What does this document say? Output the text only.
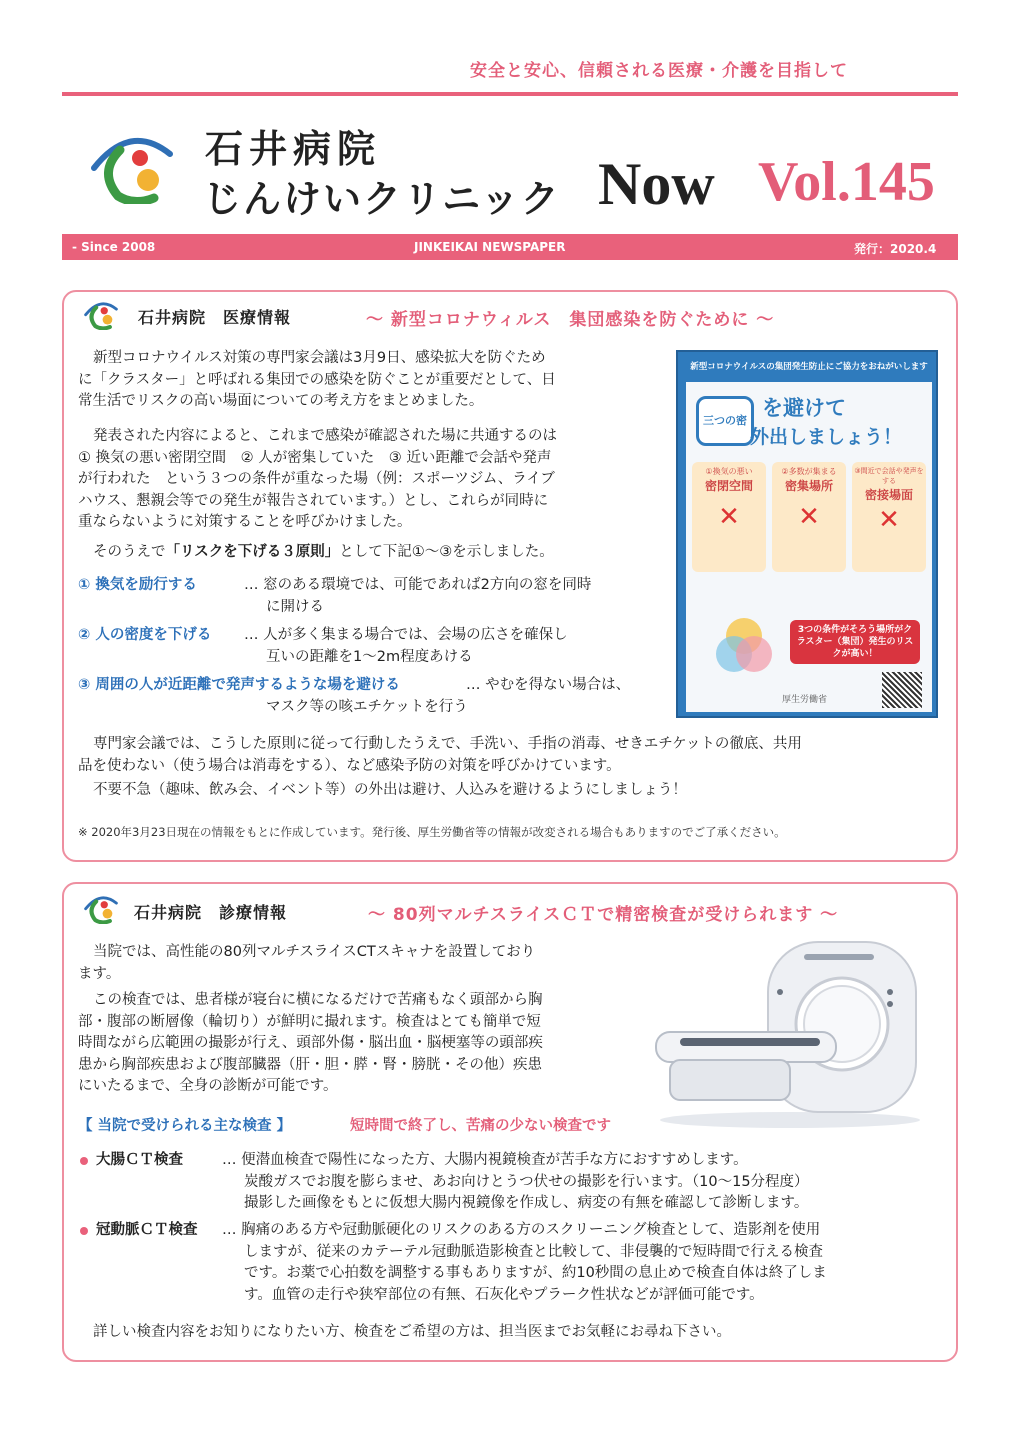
安全と安心、信頼される医療・介護を目指して
石井病院
じんけいクリニック Now Vol.145
- Since 2008	JINKEIKAI NEWSPAPER	発行：2020.4
石井病院　医療情報	～ 新型コロナウィルス　集団感染を防ぐために ～
新型コロナウイルス対策の専門家会議は3月9日、感染拡大を防ぐため
に「クラスター」と呼ばれる集団での感染を防ぐことが重要だとして、日
常生活でリスクの高い場面についての考え方をまとめました。
発表された内容によると、これまで感染が確認された場に共通するのは
① 換気の悪い密閉空間　② 人が密集していた　③ 近い距離で会話や発声
が行われた　という３つの条件が重なった場（例：スポーツジム、ライブ
ハウス、懇親会等での発生が報告されています。）とし、これらが同時に
重ならないように対策することを呼びかけました。
そのうえで「リスクを下げる３原則」として下記①～③を示しました。
① 換気を励行する	… 窓のある環境では、可能であれば2方向の窓を同時
に開ける
② 人の密度を下げる … 人が多く集まる場合では、会場の広さを確保し
互いの距離を1～2m程度あける
③ 周囲の人が近距離で発声するような場を避ける	… やむを得ない場合は、
マスク等の咳エチケットを行う
新型コロナウイルスの集団発生防止にご協力をおねがいします
三つの密
を避けて
外出しましょう！
①換気の悪い
密閉空間
✕
②多数が集まる
密集場所
✕
③間近で会話や発声をする
密接場面
✕
3つの条件がそろう場所がクラスター（集団）発生のリスクが高い！
厚生労働省
専門家会議では、こうした原則に従って行動したうえで、手洗い、手指の消毒、せきエチケットの徹底、共用
品を使わない（使う場合は消毒をする）、など感染予防の対策を呼びかけています。
不要不急（趣味、飲み会、イベント等）の外出は避け、人込みを避けるようにしましょう！
※ 2020年3月23日現在の情報をもとに作成しています。発行後、厚生労働省等の情報が改変される場合もありますのでご了承ください。
石井病院　診療情報	～ 80列マルチスライスＣＴで精密検査が受けられます ～
当院では、高性能の80列マルチスライスCTスキャナを設置しており
ます。
この検査では、患者様が寝台に横になるだけで苦痛もなく頭部から胸
部・腹部の断層像（輪切り）が鮮明に撮れます。検査はとても簡単で短
時間ながら広範囲の撮影が行え、頭部外傷・脳出血・脳梗塞等の頭部疾
患から胸部疾患および腹部臓器（肝・胆・膵・腎・膀胱・その他）疾患
にいたるまで、全身の診断が可能です。
【 当院で受けられる主な検査 】	短時間で終了し、苦痛の少ない検査です
大腸ＣＴ検査	… 便潜血検査で陽性になった方、大腸内視鏡検査が苦手な方におすすめします。
炭酸ガスでお腹を膨らませ、あお向けとうつ伏せの撮影を行います。（10～15分程度）
撮影した画像をもとに仮想大腸内視鏡像を作成し、病変の有無を確認して診断します。
冠動脈ＣＴ検査	… 胸痛のある方や冠動脈硬化のリスクのある方のスクリーニング検査として、造影剤を使用
しますが、従来のカテーテル冠動脈造影検査と比較して、非侵襲的で短時間で行える検査
です。お薬で心拍数を調整する事もありますが、約10秒間の息止めで検査自体は終了しま
す。血管の走行や狭窄部位の有無、石灰化やプラーク性状などが評価可能です。
詳しい検査内容をお知りになりたい方、検査をご希望の方は、担当医までお気軽にお尋ね下さい。
